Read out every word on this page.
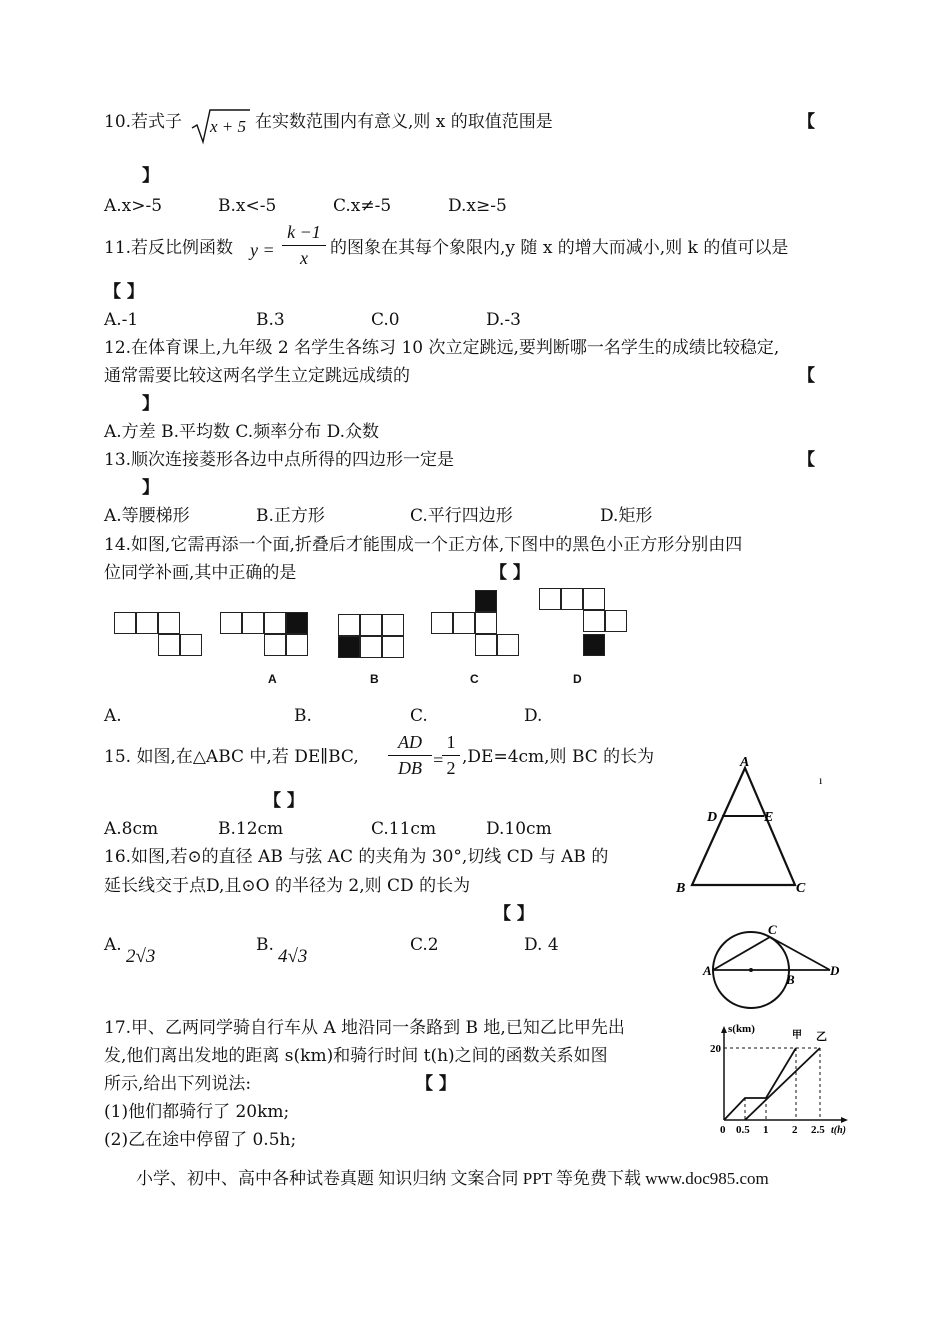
10.若式子 x + 5 在实数范围内有意义,则 x 的取值范围是	【
】
A.x>-5	B.x<-5	C.x≠-5	D.x≥-5
11.若反比例函数 y =
k −1
x	的图象在其每个象限内,y 随 x 的增大而减小,则 k 的值可以是
【 】
A.-1	B.3	C.0	D.-3
12.在体育课上,九年级 2 名学生各练习 10 次立定跳远,要判断哪一名学生的成绩比较稳定,
通常需要比较这两名学生立定跳远成绩的	【
】
A.方差 B.平均数 C.频率分布 D.众数
13.顺次连接菱形各边中点所得的四边形一定是	【
】
A.等腰梯形	B.正方形	C.平行四边形	D.矩形
14.如图,它需再添一个面,折叠后才能围成一个正方体,下图中的黑色小正方形分别由四
位同学补画,其中正确的是	【 】
A	B	C	D
A.	B.	C.	D.
15. 如图,在△ABC 中,若 DE∥BC,
AD
DB =
1
2
,DE=4cm,则 BC 的长为
【 】
A.8cm	B.12cm	C.11cm	D.10cm
A
D	E
B	C
ı
16.如图,若⊙的直径 AB 与弦 AC 的夹角为 30°,切线 CD 与 AB 的
延长线交于点D,且⊙O 的半径为 2,则 CD 的长为
【 】
A.
2√3
B.
4√3
C.2	D. 4
A
C
B
D
17.甲、乙两同学骑自行车从 A 地沿同一条路到 B 地,已知乙比甲先出
发,他们离出发地的距离 s(km)和骑行时间 t(h)之间的函数关系如图
所示,给出下列说法:	【 】
(1)他们都骑行了 20km;
(2)乙在途中停留了 0.5h;
s(km)
20
甲 乙
0 0.5 1 2 2.5 t(h)
小学、初中、高中各种试卷真题 知识归纳 文案合同 PPT 等免费下载 www.doc985.com
